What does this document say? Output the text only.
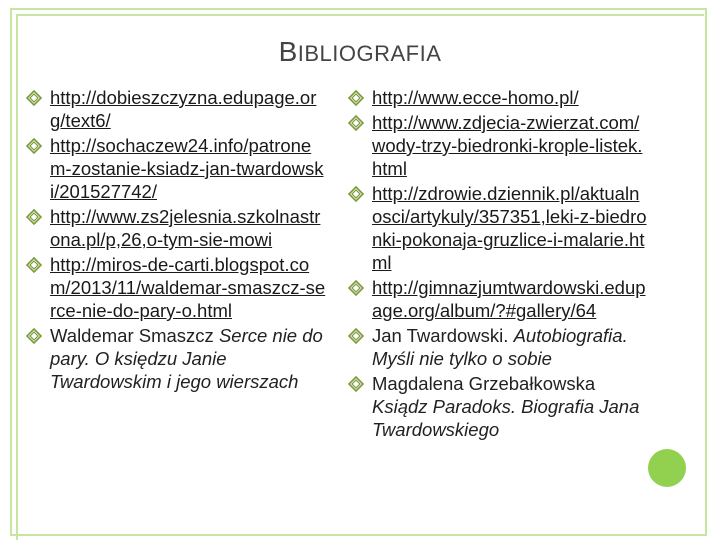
BIBLIOGRAFIA
http://dobieszczyzna.edupage.org/text6/
http://sochaczew24.info/patronem-zostanie-ksiadz-jan-twardowski/201527742/
http://www.zs2jelesnia.szkolnastrona.pl/p,26,o-tym-sie-mowi
http://miros-de-carti.blogspot.com/2013/11/waldemar-smaszcz-serce-nie-do-pary-o.html
Waldemar Smaszcz Serce nie do pary. O księdzu Janie Twardowskim i jego wierszach
http://www.ecce-homo.pl/
http://www.zdjecia-zwierzat.com/wody-trzy-biedronki-krople-listek.html
http://zdrowie.dziennik.pl/aktualnosci/artykuly/357351,leki-z-biedronki-pokonaja-gruzlice-i-malarie.html
http://gimnazjumtwardowski.edupage.org/album/?#gallery/64
Jan Twardowski. Autobiografia. Myśli nie tylko o sobie
Magdalena Grzebałkowska Ksiądz Paradoks. Biografia Jana Twardowskiego
